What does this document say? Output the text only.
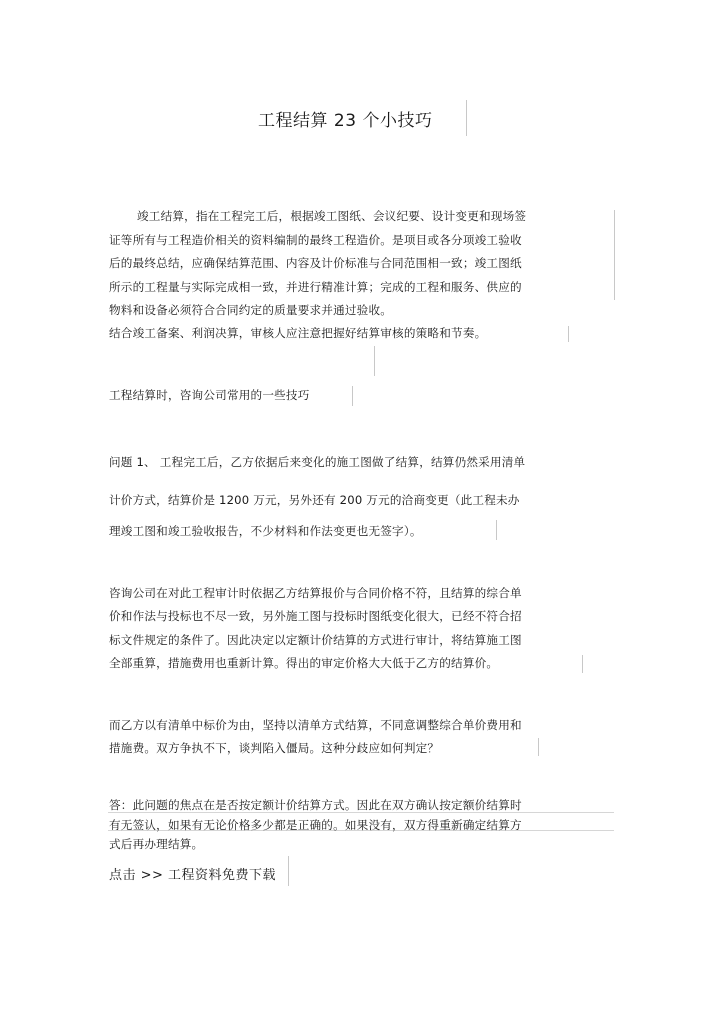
工程结算 23 个小技巧
竣工结算，指在工程完工后，根据竣工图纸、会议纪要、设计变更和现场签
证等所有与工程造价相关的资料编制的最终工程造价。是项目或各分项竣工验收
后的最终总结，应确保结算范围、内容及计价标准与合同范围相一致；竣工图纸
所示的工程量与实际完成相一致，并进行精准计算；完成的工程和服务、供应的
物料和设备必须符合合同约定的质量要求并通过验收。
结合竣工备案、利润决算，审核人应注意把握好结算审核的策略和节奏。
工程结算时，咨询公司常用的一些技巧
问题 1、 工程完工后，乙方依据后来变化的施工图做了结算，结算仍然采用清单
计价方式，结算价是 1200 万元，另外还有 200 万元的洽商变更（此工程未办
理竣工图和竣工验收报告，不少材料和作法变更也无签字）。
咨询公司在对此工程审计时依据乙方结算报价与合同价格不符，且结算的综合单
价和作法与投标也不尽一致，另外施工图与投标时图纸变化很大，已经不符合招
标文件规定的条件了。因此决定以定额计价结算的方式进行审计，将结算施工图
全部重算，措施费用也重新计算。得出的审定价格大大低于乙方的结算价。
而乙方以有清单中标价为由，坚持以清单方式结算，不同意调整综合单价费用和
措施费。双方争执不下，谈判陷入僵局。这种分歧应如何判定？
答：此问题的焦点在是否按定额计价结算方式。因此在双方确认按定额价结算时
有无签认，如果有无论价格多少都是正确的。如果没有，双方得重新确定结算方
式后再办理结算。
点击 >> 工程资料免费下载
